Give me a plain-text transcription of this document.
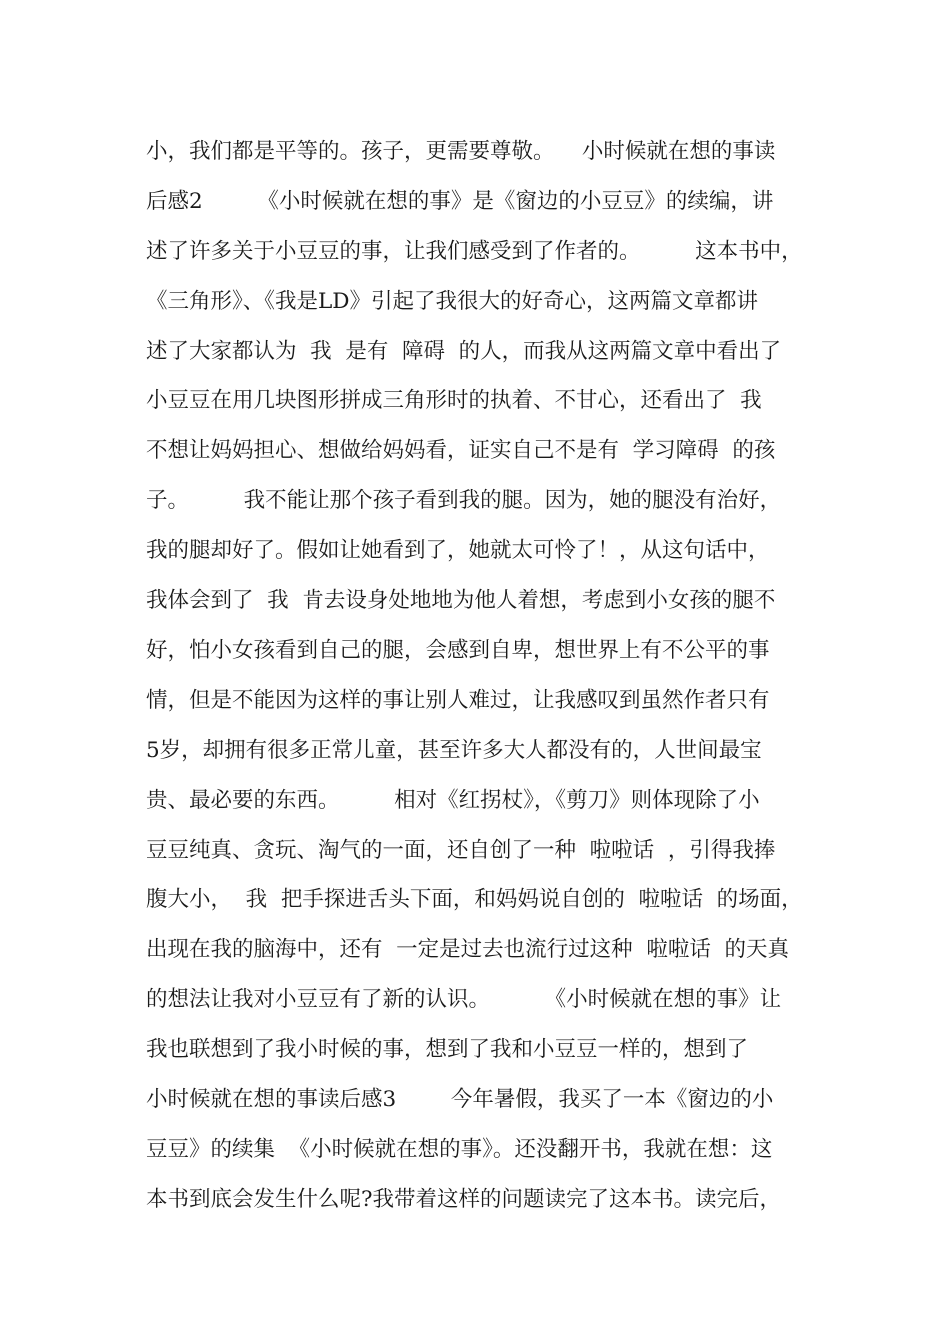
小，我们都是平等的。孩子，更需要尊敬。    小时候就在想的事读
后感2        《小时候就在想的事》是《窗边的小豆豆》的续编，讲
述了许多关于小豆豆的事，让我们感受到了作者的。        这本书中，
《三角形》、《我是LD》引起了我很大的好奇心，这两篇文章都讲
述了大家都认为  我  是有  障碍  的人，而我从这两篇文章中看出了
小豆豆在用几块图形拼成三角形时的执着、不甘心，还看出了  我
不想让妈妈担心、想做给妈妈看，证实自己不是有  学习障碍  的孩
子。        我不能让那个孩子看到我的腿。因为，她的腿没有治好，
我的腿却好了。假如让她看到了，她就太可怜了！，从这句话中，
我体会到了  我  肯去设身处地地为他人着想，考虑到小女孩的腿不
好，怕小女孩看到自己的腿，会感到自卑，想世界上有不公平的事
情，但是不能因为这样的事让别人难过，让我感叹到虽然作者只有
5岁，却拥有很多正常儿童，甚至许多大人都没有的，人世间最宝
贵、最必要的东西。        相对《红拐杖》，《剪刀》则体现除了小
豆豆纯真、贪玩、淘气的一面，还自创了一种  啦啦话  ，引得我捧
腹大小，  我  把手探进舌头下面，和妈妈说自创的  啦啦话  的场面，
出现在我的脑海中，还有  一定是过去也流行过这种  啦啦话  的天真
的想法让我对小豆豆有了新的认识。        《小时候就在想的事》让
我也联想到了我小时候的事，想到了我和小豆豆一样的，想到了
小时候就在想的事读后感3        今年暑假，我买了一本《窗边的小
豆豆》的续集  《小时候就在想的事》。还没翻开书，我就在想：这
本书到底会发生什么呢?我带着这样的问题读完了这本书。读完后，
